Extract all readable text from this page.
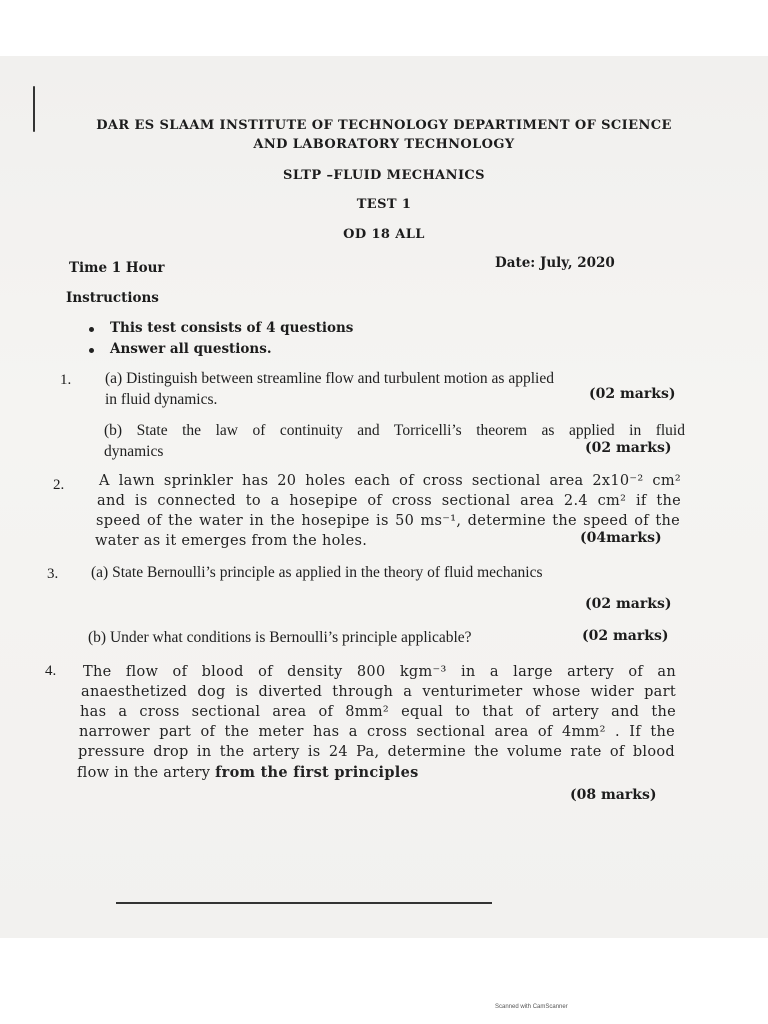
DAR ES SLAAM INSTITUTE OF TECHNOLOGY DEPARTIMENT OF SCIENCE
AND LABORATORY TECHNOLOGY
SLTP –FLUID MECHANICS
TEST 1
OD 18 ALL
Time 1 Hour	Date: July, 2020
Instructions
This test consists of 4 questions
Answer all questions.
1. (a) Distinguish between streamline flow and turbulent motion as applied
in fluid dynamics.	(02 marks)
(b) State the law of continuity and Torricelli’s theorem as applied in fluid
dynamics	(02 marks)
2. A lawn sprinkler has 20 holes each of cross sectional area 2x10⁻² cm²
and is connected to a hosepipe of cross sectional area 2.4 cm² if the
speed of the water in the hosepipe is 50 ms⁻¹, determine the speed of the
water as it emerges from the holes.	(04marks)
3. (a) State Bernoulli’s principle as applied in the theory of fluid mechanics
(02 marks)
(b) Under what conditions is Bernoulli’s principle applicable?	(02 marks)
4. The flow of blood of density 800 kgm⁻³ in a large artery of an
anaesthetized dog is diverted through a venturimeter whose wider part
has a cross sectional area of 8mm² equal to that of artery and the
narrower part of the meter has a cross sectional area of 4mm² . If the
pressure drop in the artery is 24 Pa, determine the volume rate of blood
flow in the artery from the first principles
(08 marks)
Scanned with CamScanner
